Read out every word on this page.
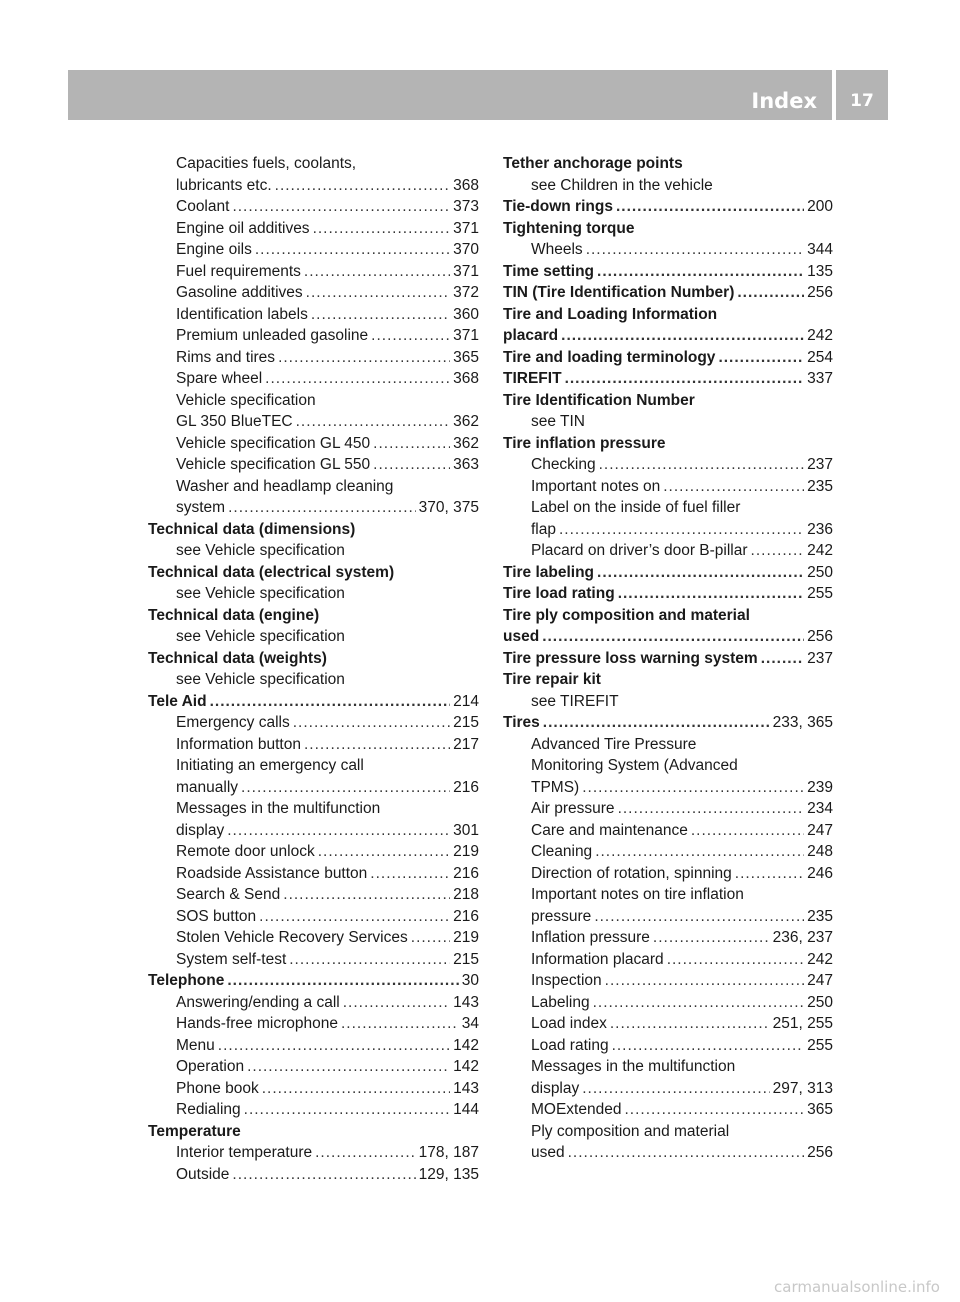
Index	17
Capacities fuels, coolants,
lubricants etc. .....	368
Coolant .....	373
Engine oil additives .....	371
Engine oils .....	370
Fuel requirements .....	371
Gasoline additives .....	372
Identification labels .....	360
Premium unleaded gasoline .....	371
Rims and tires .....	365
Spare wheel .....	368
Vehicle specification
GL 350 BlueTEC .....	362
Vehicle specification GL 450 .....	362
Vehicle specification GL 550 .....	363
Washer and headlamp cleaning
system .....	370, 375
Technical data (dimensions)
see Vehicle specification
Technical data (electrical system)
see Vehicle specification
Technical data (engine)
see Vehicle specification
Technical data (weights)
see Vehicle specification
Tele Aid .....	214
Emergency calls .....	215
Information button .....	217
Initiating an emergency call
manually .....	216
Messages in the multifunction
display .....	301
Remote door unlock .....	219
Roadside Assistance button .....	216
Search & Send .....	218
SOS button .....	216
Stolen Vehicle Recovery Services .....	219
System self-test .....	215
Telephone .....	30
Answering/ending a call .....	143
Hands-free microphone .....	34
Menu .....	142
Operation .....	142
Phone book .....	143
Redialing .....	144
Temperature
Interior temperature .....	178, 187
Outside .....	129, 135
Tether anchorage points
see Children in the vehicle
Tie-down rings .....	200
Tightening torque
Wheels .....	344
Time setting .....	135
TIN (Tire Identification Number) .....	256
Tire and Loading Information
placard .....	242
Tire and loading terminology .....	254
TIREFIT .....	337
Tire Identification Number
see TIN
Tire inflation pressure
Checking .....	237
Important notes on .....	235
Label on the inside of fuel filler
flap .....	236
Placard on driver’s door B-pillar .....	242
Tire labeling .....	250
Tire load rating .....	255
Tire ply composition and material
used .....	256
Tire pressure loss warning system .....	237
Tire repair kit
see TIREFIT
Tires .....	233, 365
Advanced Tire Pressure
Monitoring System (Advanced
TPMS) .....	239
Air pressure .....	234
Care and maintenance .....	247
Cleaning .....	248
Direction of rotation, spinning .....	246
Important notes on tire inflation
pressure .....	235
Inflation pressure .....	236, 237
Information placard .....	242
Inspection .....	247
Labeling .....	250
Load index .....	251, 255
Load rating .....	255
Messages in the multifunction
display .....	297, 313
MOExtended .....	365
Ply composition and material
used .....	256
carmanualsonline.info
